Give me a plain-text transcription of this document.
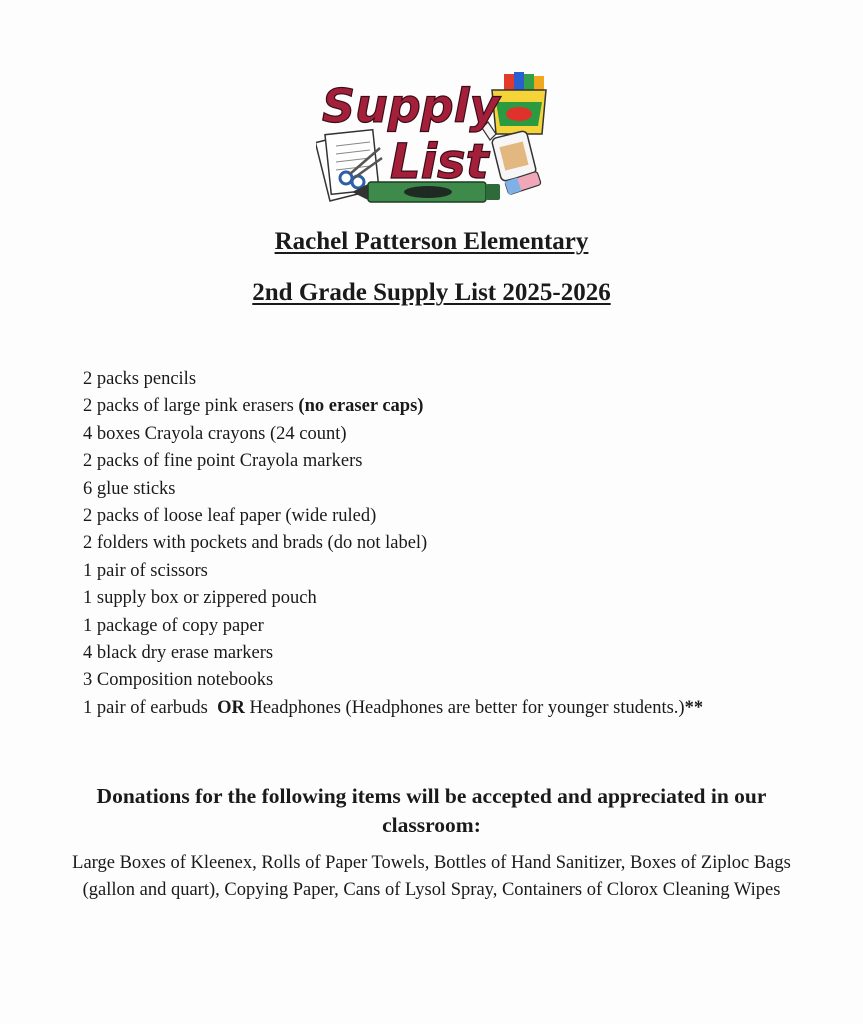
Supply
List
Rachel Patterson Elementary
2nd Grade Supply List 2025-2026
2 packs pencils
2 packs of large pink erasers (no eraser caps)
4 boxes Crayola crayons (24 count)
2 packs of fine point Crayola markers
6 glue sticks
2 packs of loose leaf paper (wide ruled)
2 folders with pockets and brads (do not label)
1 pair of scissors
1 supply box or zippered pouch
1 package of copy paper
4 black dry erase markers
3 Composition notebooks
1 pair of earbuds  OR Headphones (Headphones are better for younger students.)**
Donations for the following items will be accepted and appreciated in our classroom:
Large Boxes of Kleenex, Rolls of Paper Towels, Bottles of Hand Sanitizer, Boxes of Ziploc Bags (gallon and quart), Copying Paper, Cans of Lysol Spray, Containers of Clorox Cleaning Wipes
